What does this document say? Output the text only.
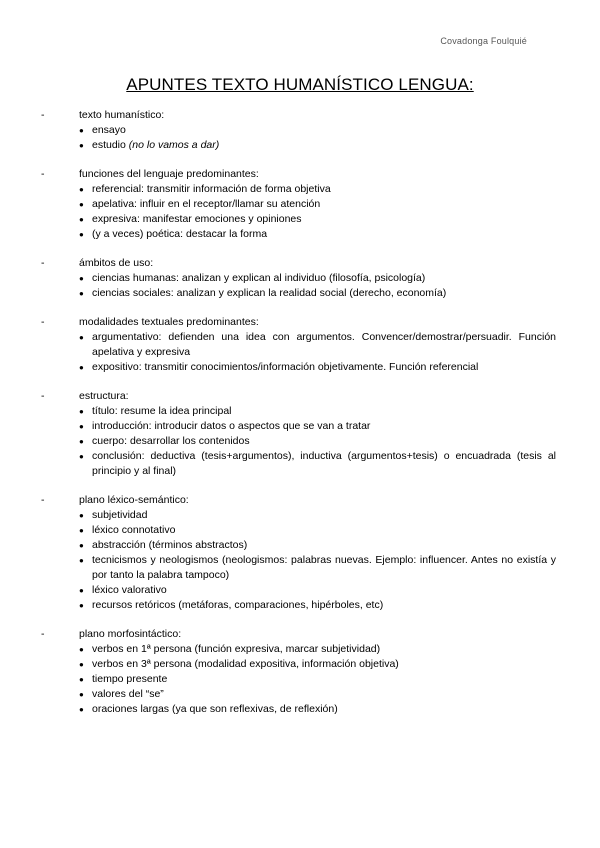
Covadonga Foulquié
APUNTES TEXTO HUMANÍSTICO LENGUA:
-	texto humanístico:
● ensayo
● estudio (no lo vamos a dar)
-	funciones del lenguaje predominantes:
● referencial: transmitir información de forma objetiva
● apelativa: influir en el receptor/llamar su atención
● expresiva: manifestar emociones y opiniones
● (y a veces) poética: destacar la forma
-	ámbitos de uso:
● ciencias humanas: analizan y explican al individuo (filosofía, psicología)
● ciencias sociales: analizan y explican la realidad social (derecho, economía)
-	modalidades textuales predominantes:
● argumentativo: defienden una idea con argumentos. Convencer/demostrar/persuadir. Función apelativa y expresiva
● expositivo: transmitir conocimientos/información objetivamente. Función referencial
-	estructura:
● título: resume la idea principal
● introducción: introducir datos o aspectos que se van a tratar
● cuerpo: desarrollar los contenidos
● conclusión: deductiva (tesis+argumentos), inductiva (argumentos+tesis) o encuadrada (tesis al principio y al final)
-	plano léxico-semántico:
● subjetividad
● léxico connotativo
● abstracción (términos abstractos)
● tecnicismos y neologismos (neologismos: palabras nuevas. Ejemplo: influencer. Antes no existía y por tanto la palabra tampoco)
● léxico valorativo
● recursos retóricos (metáforas, comparaciones, hipérboles, etc)
-	plano morfosintáctico:
● verbos en 1ª persona (función expresiva, marcar subjetividad)
● verbos en 3ª persona (modalidad expositiva, información objetiva)
● tiempo presente
● valores del “se”
● oraciones largas (ya que son reflexivas, de reflexión)
